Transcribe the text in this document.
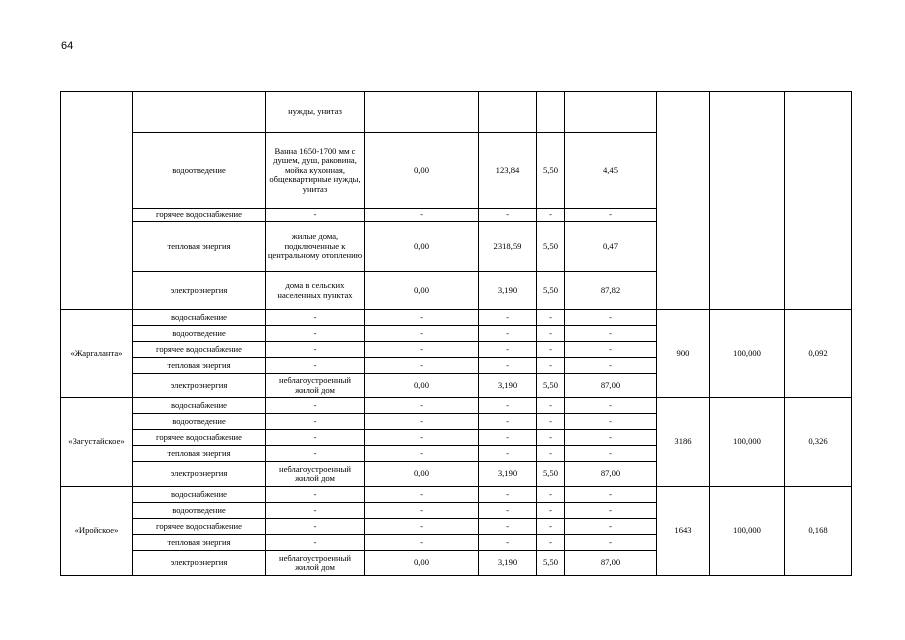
64
		нужды, унитаз							
	водоотведение	Ванна 1650-1700 мм с душем, душ, раковина, мойка кухонная, общеквартирные нужды, унитаз	0,00	123,84	5,50	4,45			
	горячее водоснабжение	-	-	-	-	-			
	тепловая энергия	жилые дома, подключенные к центральному отоплению	0,00	2318,59	5,50	0,47			
	электроэнергия	дома в сельских населенных пунктах	0,00	3,190	5,50	87,82			
«Жаргаланта»	водоснабжение	-	-	-	-	-	900	100,000	0,092
	водоотведение	-	-	-	-	-			
	горячее водоснабжение	-	-	-	-	-			
	тепловая энергия	-	-	-	-	-			
	электроэнергия	неблагоустроенный жилой дом	0,00	3,190	5,50	87,00			
«Загустайское»	водоснабжение	-	-	-	-	-	3186	100,000	0,326
	водоотведение	-	-	-	-	-			
	горячее водоснабжение	-	-	-	-	-			
	тепловая энергия	-	-	-	-	-			
	электроэнергия	неблагоустроенный жилой дом	0,00	3,190	5,50	87,00			
«Иройское»	водоснабжение	-	-	-	-	-	1643	100,000	0,168
	водоотведение	-	-	-	-	-			
	горячее водоснабжение	-	-	-	-	-			
	тепловая энергия	-	-	-	-	-			
	электроэнергия	неблагоустроенный жилой дом	0,00	3,190	5,50	87,00			
